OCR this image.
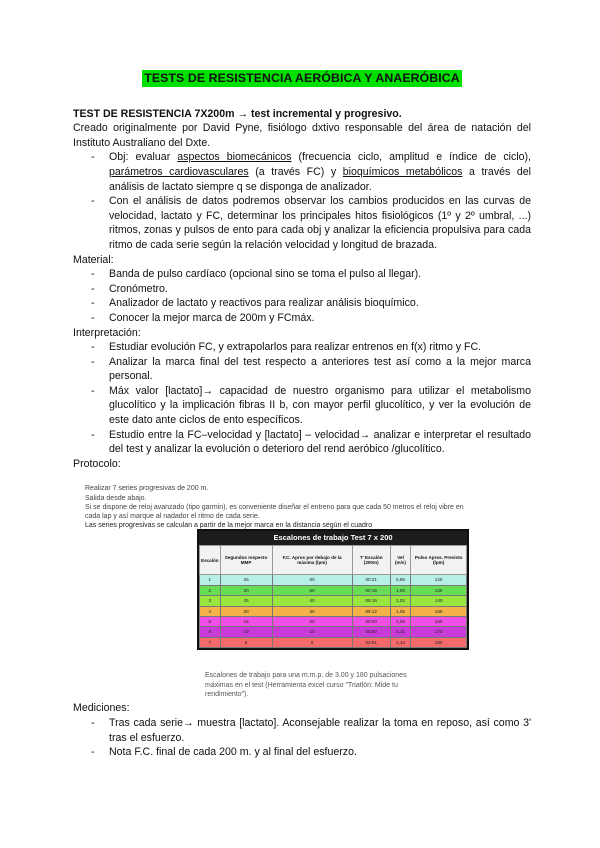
TESTS DE RESISTENCIA AERÓBICA Y ANAERÓBICA

TEST DE RESISTENCIA 7X200m → test incremental y progresivo.

Creado originalmente por David Pyne, fisiólogo dxtivo responsable del área de natación del Instituto Australiano del Dxte.

- Obj: evaluar aspectos biomecánicos (frecuencia ciclo, amplitud e índice de ciclo), parámetros cardiovasculares (a través FC) y bioquímicos metabólicos a través del análisis de lactato siempre q se disponga de analizador.
- Con el análisis de datos podremos observar los cambios producidos en las curvas de velocidad, lactato y FC, determinar los principales hitos fisiológicos (1º y 2º umbral, ...) ritmos, zonas y pulsos de ento para cada obj y analizar la eficiencia propulsiva para cada ritmo de cada serie según la relación velocidad y longitud de brazada.

Material:

- Banda de pulso cardíaco (opcional sino se toma el pulso al llegar).
- Cronómetro.
- Analizador de lactato y reactivos para realizar análisis bioquímico.
- Conocer la mejor marca de 200m y FCmáx.

Interpretación:

- Estudiar evolución FC, y extrapolarlos para realizar entrenos en f(x) ritmo y FC.
- Analizar la marca final del test respecto a anteriores test así como a la mejor marca personal.
- Máx valor [lactato]→ capacidad de nuestro organismo para utilizar el metabolismo glucolítico y la implicación fibras II b, con mayor perfil glucolítico, y ver la evolución de este dato ante ciclos de ento específicos.
- Estudio entre la FC–velocidad y [lactato] – velocidad→ analizar e interpretar el resultado del test y analizar la evolución o deterioro del rend aeróbico /glucolítico.

Protocolo:

Realizar 7 series progresivas de 200 m.
Salida desde abajo.
Si se dispone de reloj avanzado (tipo garmin), es conveniente diseñar el entreno para que cada 50 metros el reloj vibre en
cada lap y así marque al nadador el ritmo de cada serie.
Las series progresivas se calculan a partir de la mejor marca en la distancia según el cuadro
Escalones de trabajo Test 7 x 200
Escalón	Segundos respecto MMP	F.C. Apros por debajo de la máxima (lpm)	T' Escalón (200m)	Vel (m/s)	Pulso Apros. Previsto (lpm)
1	25	60	00:21	0,96	120
2	20	50	00:15	1,00	130
3	25	40	09:15	1,02	140
4	20	30	09:12	1,05	150
5	15	20	00:00	1,06	160
6	10	10	00:00	1,11	170
7	5	0	02:51	1,14	180
Escalones de trabajo para una m.m.p. de 3.00 y 180 pulsaciones
máximas en el test (Herramienta excel curso "Triatlón: Mide tu
rendimiento").

Mediciones:

- Tras cada serie→ muestra [lactato]. Aconsejable realizar la toma en reposo, así como 3' tras el esfuerzo.
- Nota F.C. final de cada 200 m. y al final del esfuerzo.
